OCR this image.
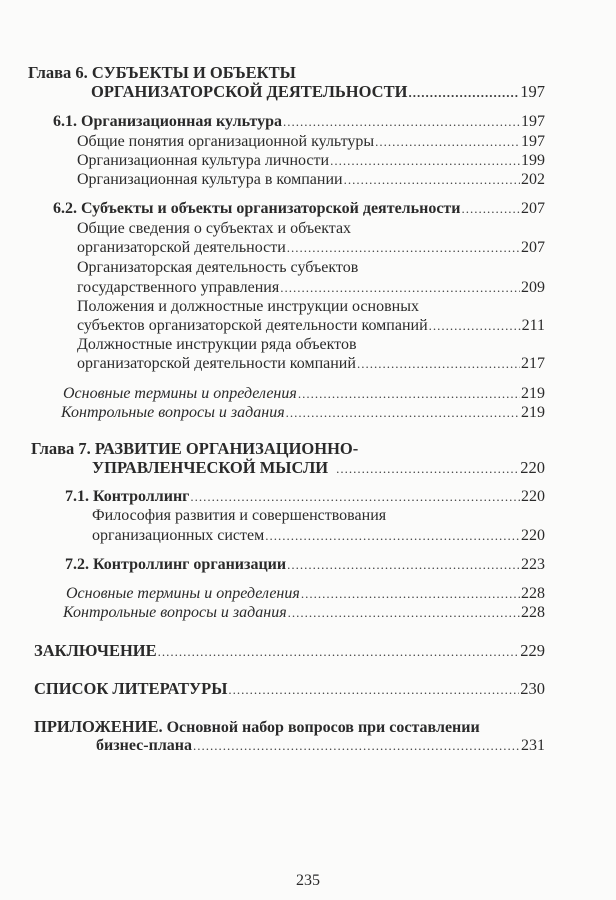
Глава 6. СУБЪЕКТЫ И ОБЪЕКТЫ
ОРГАНИЗАТОРСКОЙ ДЕЯТЕЛЬНОСТИ .....	197
6.1. Организационная культура .....	197
Общие понятия организационной культуры .....	197
Организационная культура личности .....	199
Организационная культура в компании .....	202
6.2. Субъекты и объекты организаторской деятельности .....	207
Общие сведения о субъектах и объектах
организаторской деятельности .....	207
Организаторская деятельность субъектов
государственного управления .....	209
Положения и должностные инструкции основных
субъектов организаторской деятельности компаний .....	211
Должностные инструкции ряда объектов
организаторской деятельности компаний .....	217
Основные термины и определения .....	219
Контрольные вопросы и задания .....	219
Глава 7. РАЗВИТИЕ ОРГАНИЗАЦИОННО-
УПРАВЛЕНЧЕСКОЙ МЫСЛИ .....	220
7.1. Контроллинг .....	220
Философия развития и совершенствования
организационных систем .....	220
7.2. Контроллинг организации .....	223
Основные термины и определения .....	228
Контрольные вопросы и задания .....	228
ЗАКЛЮЧЕНИЕ .....	229
СПИСОК ЛИТЕРАТУРЫ .....	230
ПРИЛОЖЕНИЕ. Основной набор вопросов при составлении
бизнес-плана .....	231
235
